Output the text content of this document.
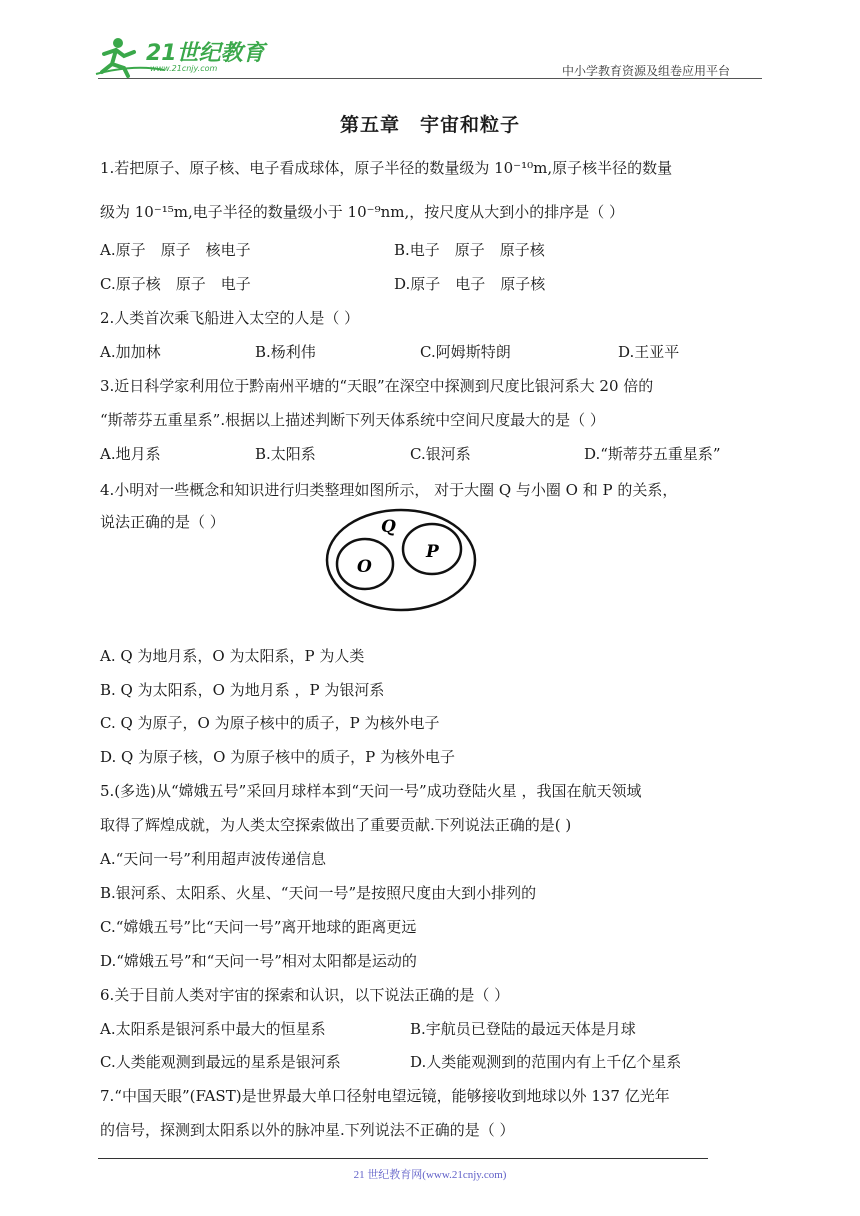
21世纪教育
www.21cnjy.com	中小学教育资源及组卷应用平台
第五章　宇宙和粒子
1.若把原子、原子核、电子看成球体，原子半径的数量级为 10⁻¹⁰m,原子核半径的数量
级为 10⁻¹⁵m,电子半径的数量级小于 10⁻⁹nm,，按尺度从大到小的排序是（ ）
A.原子　原子　核电子	B.电子　原子　原子核
C.原子核　原子　电子	D.原子　电子　原子核
2.人类首次乘飞船进入太空的人是（ ）
A.加加林	B.杨利伟	C.阿姆斯特朗	D.王亚平
3.近日科学家利用位于黔南州平塘的“天眼”在深空中探测到尺度比银河系大 20 倍的
“斯蒂芬五重星系”.根据以上描述判断下列天体系统中空间尺度最大的是（ ）
A.地月系	B.太阳系	C.银河系	D.“斯蒂芬五重星系”
4.小明对一些概念和知识进行归类整理如图所示， 对于大圈 Q 与小圈 O 和 P 的关系，
说法正确的是（ ）	Q
O
P
A. Q 为地月系，O 为太阳系，P 为人类
B. Q 为太阳系，O 为地月系 ，P 为银河系
C. Q 为原子，O 为原子核中的质子，P 为核外电子
D. Q 为原子核，O 为原子核中的质子，P 为核外电子
5.(多选)从“嫦娥五号”采回月球样本到“天问一号”成功登陆火星 ，我国在航天领域
取得了辉煌成就，为人类太空探索做出了重要贡献.下列说法正确的是( )
A.“天问一号”利用超声波传递信息
B.银河系、太阳系、火星、“天问一号”是按照尺度由大到小排列的
C.“嫦娥五号”比“天问一号”离开地球的距离更远
D.“嫦娥五号”和“天问一号”相对太阳都是运动的
6.关于目前人类对宇宙的探索和认识，以下说法正确的是（ ）
A.太阳系是银河系中最大的恒星系	B.宇航员已登陆的最远天体是月球
C.人类能观测到最远的星系是银河系	D.人类能观测到的范围内有上千亿个星系
7.“中国天眼”(FAST)是世界最大单口径射电望远镜，能够接收到地球以外 137 亿光年
的信号，探测到太阳系以外的脉冲星.下列说法不正确的是（ ）
21 世纪教育网(www.21cnjy.com)
